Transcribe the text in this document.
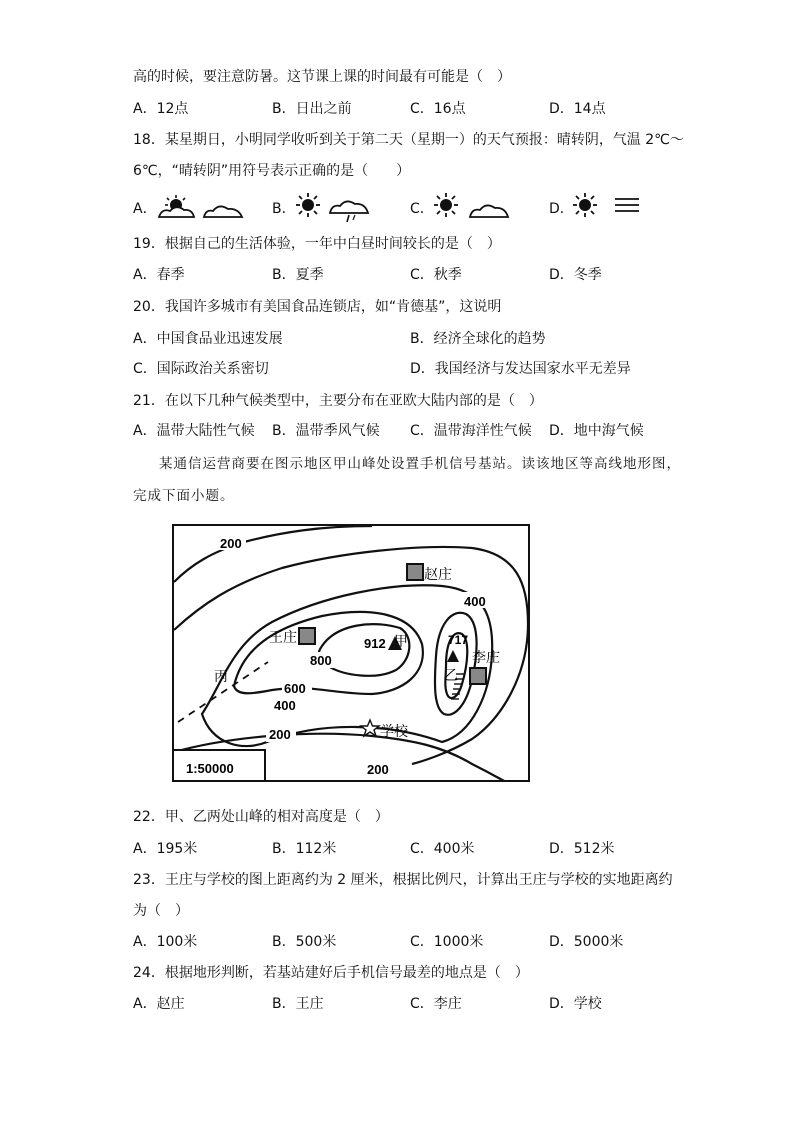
高的时候，要注意防暑。这节课上课的时间最有可能是（　）
A．12点	B．日出之前	C．16点	D．14点
18．某星期日，小明同学收听到关于第二天（星期一）的天气预报：晴转阴，气温 2℃～
6℃，“晴转阴”用符号表示正确的是（　　）
A．	B．	C．	D．
19．根据自己的生活体验，一年中白昼时间较长的是（　）
A．春季	B．夏季	C．秋季	D．冬季
20．我国许多城市有美国食品连锁店，如“肯德基”，这说明
A．中国食品业迅速发展	B．经济全球化的趋势
C．国际政治关系密切	D．我国经济与发达国家水平无差异
21．在以下几种气候类型中，主要分布在亚欧大陆内部的是（　）
A．温带大陆性气候 B．温带季风气候 C．温带海洋性气候 D．地中海气候
某通信运营商要在图示地区甲山峰处设置手机信号基站。读该地区等高线地形图，
完成下面小题。
200
400
600
800
400
200
200
912 甲	717
乙
赵庄
王庄
李庄
丙
学校
1:50000
22．甲、乙两处山峰的相对高度是（　）
A．195米	B．112米	C．400米	D．512米
23．王庄与学校的图上距离约为 2 厘米，根据比例尺，计算出王庄与学校的实地距离约
为（　）
A．100米	B．500米	C．1000米	D．5000米
24．根据地形判断，若基站建好后手机信号最差的地点是（　）
A．赵庄	B．王庄	C．李庄	D．学校
